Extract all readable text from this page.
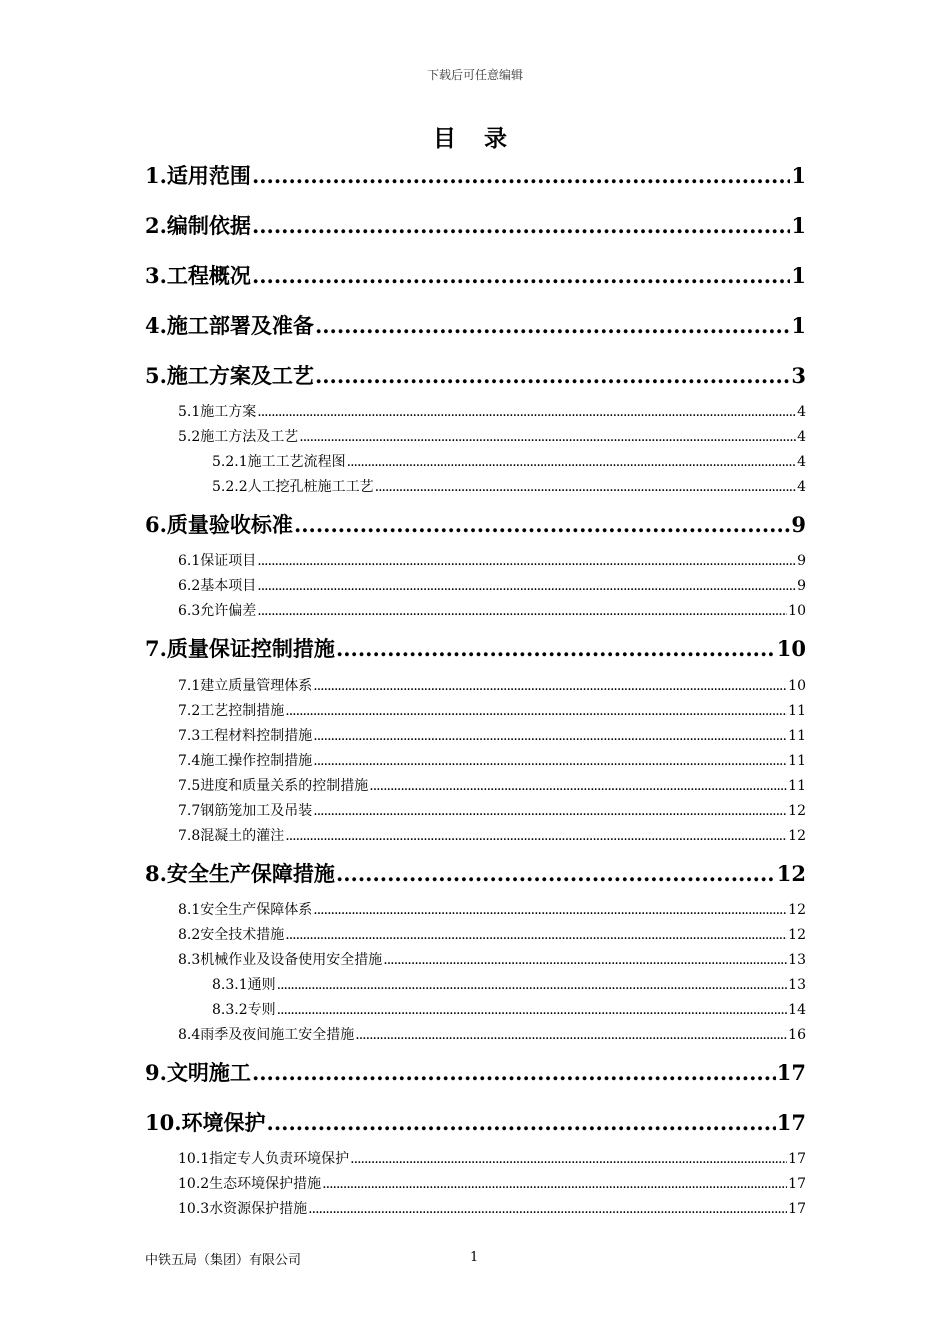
下载后可任意编辑
目 录
1.适用范围 .....	1
2.编制依据 .....	1
3.工程概况 .....	1
4.施工部署及准备 .....	1
5.施工方案及工艺 .....	3
5.1施工方案 .....	4
5.2施工方法及工艺 .....	4
5.2.1施工工艺流程图 .....	4
5.2.2人工挖孔桩施工工艺 .....	4
6.质量验收标准 .....	9
6.1保证项目 .....	9
6.2基本项目 .....	9
6.3允许偏差 .....	10
7.质量保证控制措施 .....	10
7.1建立质量管理体系 .....	10
7.2工艺控制措施 .....	11
7.3工程材料控制措施 .....	11
7.4施工操作控制措施 .....	11
7.5进度和质量关系的控制措施 .....	11
7.7钢筋笼加工及吊装 .....	12
7.8混凝土的灌注 .....	12
8.安全生产保障措施 .....	12
8.1安全生产保障体系 .....	12
8.2安全技术措施 .....	12
8.3机械作业及设备使用安全措施 .....	13
8.3.1通则 .....	13
8.3.2专则 .....	14
8.4雨季及夜间施工安全措施 .....	16
9.文明施工 .....	17
10.环境保护 .....	17
10.1指定专人负责环境保护 .....	17
10.2生态环境保护措施 .....	17
10.3水资源保护措施 .....	17
中铁五局（集团）有限公司	1
